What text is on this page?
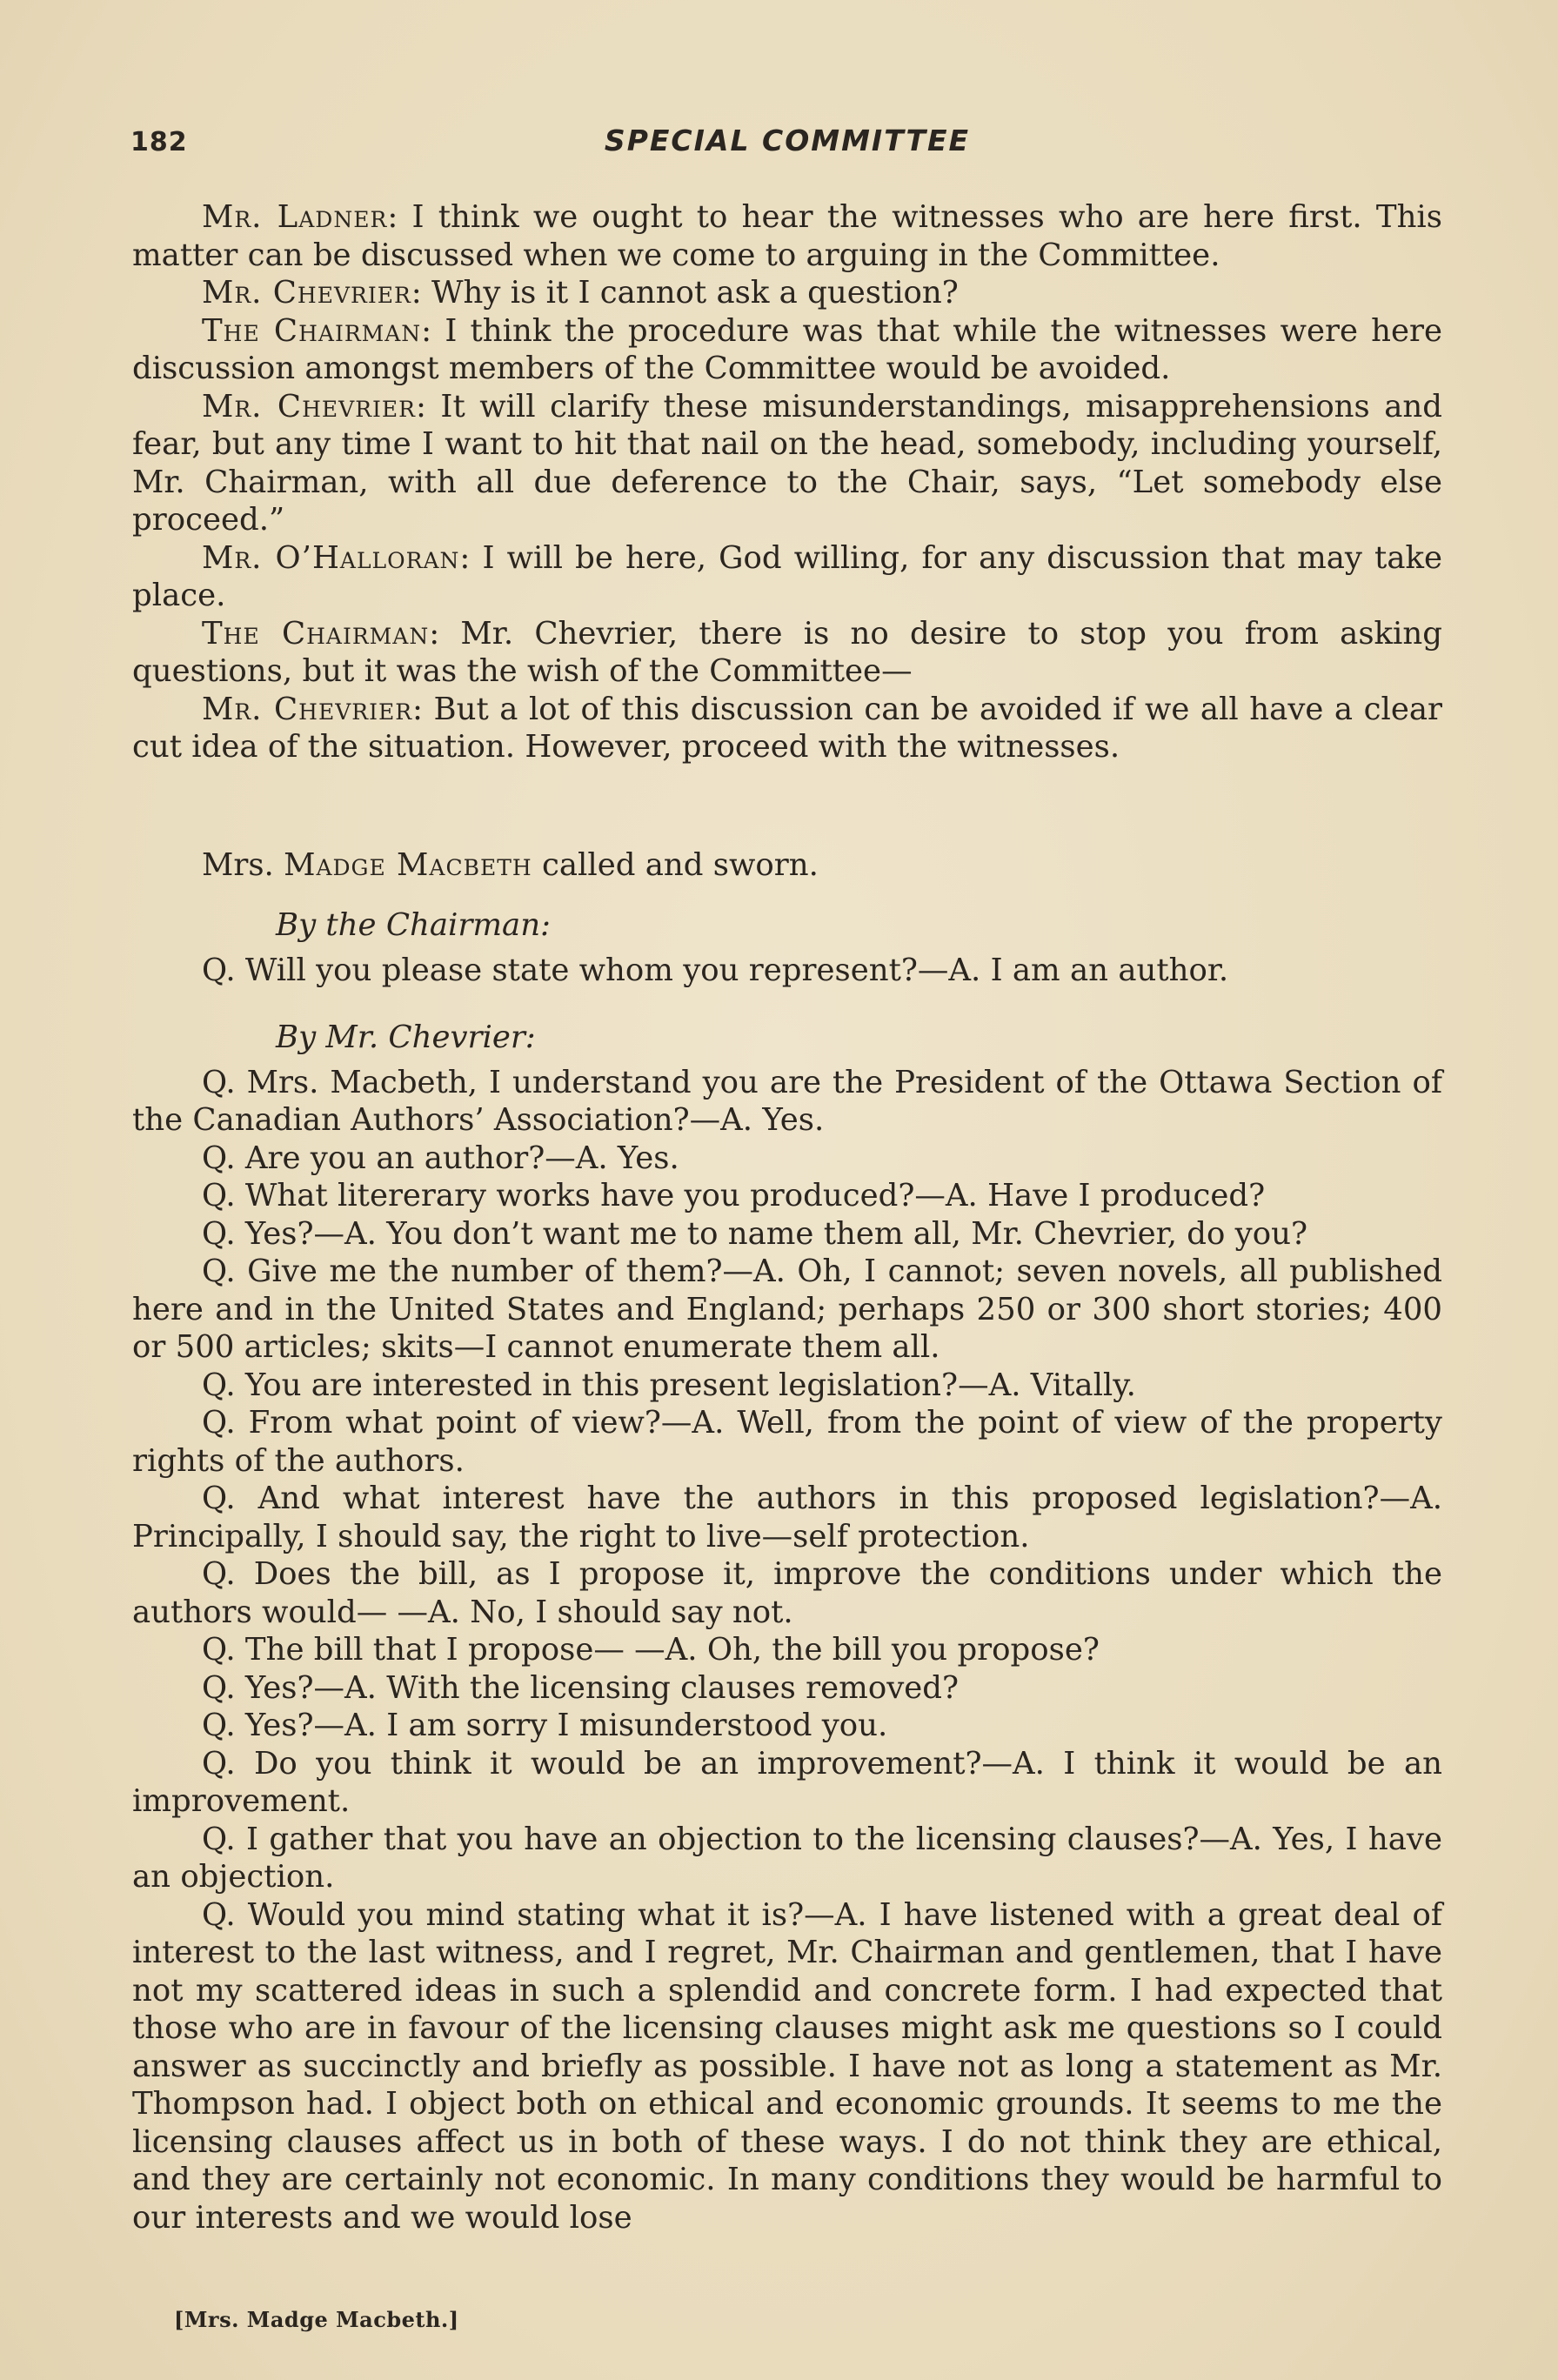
182	SPECIAL COMMITTEE

Mr. Ladner: I think we ought to hear the witnesses who are here first. This matter can be discussed when we come to arguing in the Committee.

Mr. Chevrier: Why is it I cannot ask a question?

The Chairman: I think the procedure was that while the witnesses were here discussion amongst members of the Committee would be avoided.

Mr. Chevrier: It will clarify these misunderstandings, misapprehensions and fear, but any time I want to hit that nail on the head, somebody, including yourself, Mr. Chairman, with all due deference to the Chair, says, “Let somebody else proceed.”

Mr. O’Halloran: I will be here, God willing, for any discussion that may take place.

The Chairman: Mr. Chevrier, there is no desire to stop you from asking questions, but it was the wish of the Committee—

Mr. Chevrier: But a lot of this discussion can be avoided if we all have a clear cut idea of the situation. However, proceed with the witnesses.

Mrs. Madge Macbeth called and sworn.

By the Chairman:

Q. Will you please state whom you represent?—A. I am an author.

By Mr. Chevrier:

Q. Mrs. Macbeth, I understand you are the President of the Ottawa Section of the Canadian Authors’ Association?—A. Yes.

Q. Are you an author?—A. Yes.

Q. What litererary works have you produced?—A. Have I produced?

Q. Yes?—A. You don’t want me to name them all, Mr. Chevrier, do you?

Q. Give me the number of them?—A. Oh, I cannot; seven novels, all published here and in the United States and England; perhaps 250 or 300 short stories; 400 or 500 articles; skits—I cannot enumerate them all.

Q. You are interested in this present legislation?—A. Vitally.

Q. From what point of view?—A. Well, from the point of view of the property rights of the authors.

Q. And what interest have the authors in this proposed legislation?—A. Principally, I should say, the right to live—self protection.

Q. Does the bill, as I propose it, improve the conditions under which the authors would— —A. No, I should say not.

Q. The bill that I propose— —A. Oh, the bill you propose?

Q. Yes?—A. With the licensing clauses removed?

Q. Yes?—A. I am sorry I misunderstood you.

Q. Do you think it would be an improvement?—A. I think it would be an improvement.

Q. I gather that you have an objection to the licensing clauses?—A. Yes, I have an objection.

Q. Would you mind stating what it is?—A. I have listened with a great deal of interest to the last witness, and I regret, Mr. Chairman and gentlemen, that I have not my scattered ideas in such a splendid and concrete form. I had expected that those who are in favour of the licensing clauses might ask me questions so I could answer as succinctly and briefly as possible. I have not as long a statement as Mr. Thompson had. I object both on ethical and economic grounds. It seems to me the licensing clauses affect us in both of these ways. I do not think they are ethical, and they are certainly not economic. In many conditions they would be harmful to our interests and we would lose

[Mrs. Madge Macbeth.]
